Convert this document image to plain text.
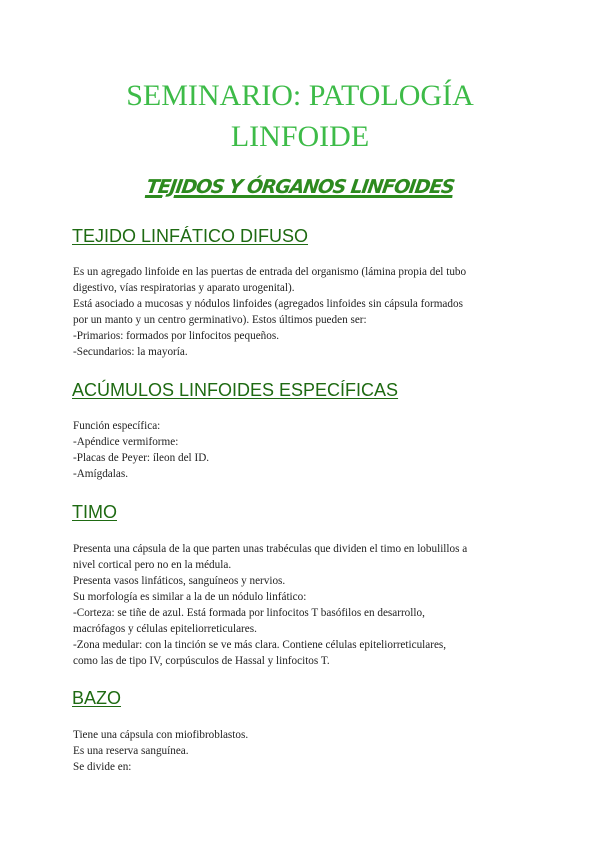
SEMINARIO: PATOLOGÍA
LINFOIDE
TEJIDOS Y ÓRGANOS LINFOIDES
TEJIDO LINFÁTICO DIFUSO

Es un agregado linfoide en las puertas de entrada del organismo (lámina propia del tubo

digestivo, vías respiratorias y aparato urogenital).

Está asociado a mucosas y nódulos linfoides (agregados linfoides sin cápsula formados

por un manto y un centro germinativo). Estos últimos pueden ser:

-Primarios: formados por linfocitos pequeños.

-Secundarios: la mayoría.

ACÚMULOS LINFOIDES ESPECÍFICAS

Función específica:

-Apéndice vermiforme:

-Placas de Peyer: íleon del ID.

-Amígdalas.

TIMO

Presenta una cápsula de la que parten unas trabéculas que dividen el timo en lobulillos a

nivel cortical pero no en la médula.

Presenta vasos linfáticos, sanguíneos y nervios.

Su morfología es similar a la de un nódulo linfático:

-Corteza: se tiñe de azul. Está formada por linfocitos T basófilos en desarrollo,

macrófagos y células epiteliorreticulares.

-Zona medular: con la tinción se ve más clara. Contiene células epiteliorreticulares,

como las de tipo IV, corpúsculos de Hassal y linfocitos T.

BAZO

Tiene una cápsula con miofibroblastos.

Es una reserva sanguínea.

Se divide en:
